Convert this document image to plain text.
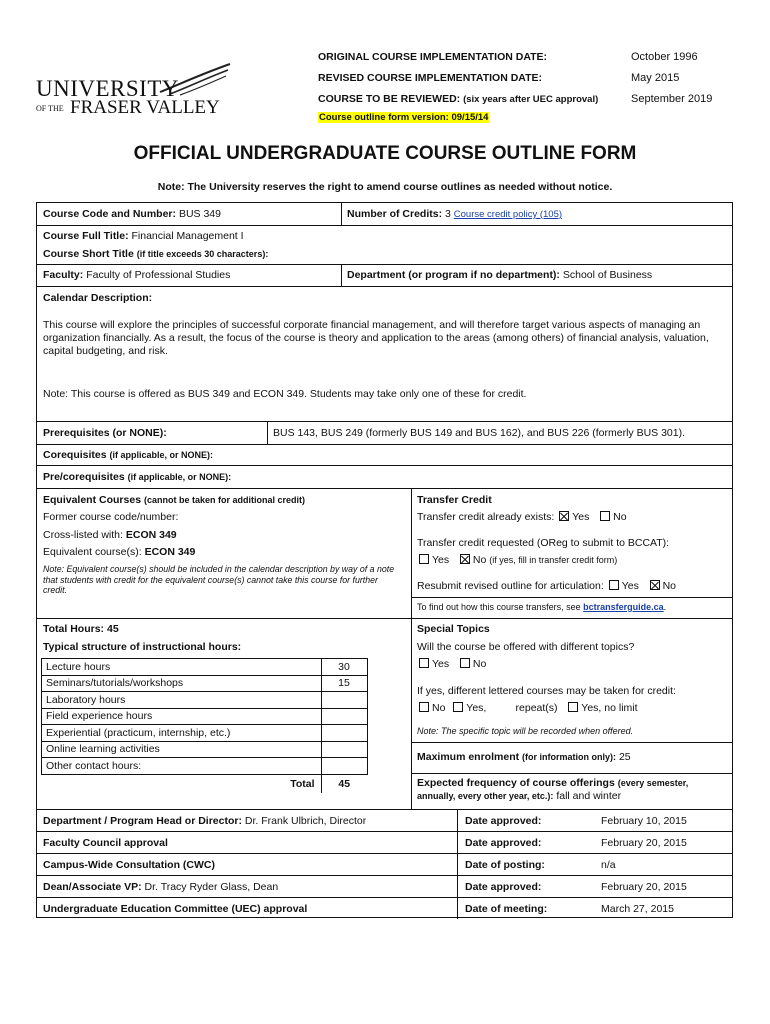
UNIVERSITY
OF THE FRASER VALLEY
ORIGINAL COURSE IMPLEMENTATION DATE:	October 1996
REVISED COURSE IMPLEMENTATION DATE:	May 2015
COURSE TO BE REVIEWED: (six years after UEC approval)	September 2019
Course outline form version: 09/15/14
OFFICIAL UNDERGRADUATE COURSE OUTLINE FORM
Note: The University reserves the right to amend course outlines as needed without notice.
Course Code and Number: BUS 349	Number of Credits: 3 Course credit policy (105)
Course Full Title: Financial Management I
Course Short Title (if title exceeds 30 characters):
Faculty: Faculty of Professional Studies	Department (or program if no department): School of Business
Calendar Description:
This course will explore the principles of successful corporate financial management, and will therefore target various aspects of managing an organization financially. As a result, the focus of the course is theory and application to the areas (among others) of financial analysis, valuation, capital budgeting, and risk.
Note: This course is offered as BUS 349 and ECON 349. Students may take only one of these for credit.
Prerequisites (or NONE):	BUS 143, BUS 249 (formerly BUS 149 and BUS 162), and BUS 226 (formerly BUS 301).
Corequisites (if applicable, or NONE):
Pre/corequisites (if applicable, or NONE):
Equivalent Courses (cannot be taken for additional credit)
Former course code/number:
Cross-listed with: ECON 349
Equivalent course(s): ECON 349
Note: Equivalent course(s) should be included in the calendar description by way of a note that students with credit for the equivalent course(s) cannot take this course for further credit.
Transfer Credit
Transfer credit already exists: Yes No
Transfer credit requested (OReg to submit to BCCAT):
Yes No (if yes, fill in transfer credit form)
Resubmit revised outline for articulation: Yes No
To find out how this course transfers, see bctransferguide.ca.
Total Hours: 45
Typical structure of instructional hours:
Lecture hours	30
Seminars/tutorials/workshops	15
Laboratory hours	
Field experience hours	
Experiential (practicum, internship, etc.)	
Online learning activities	
Other contact hours:	
Total	45
Special Topics
Will the course be offered with different topics?
Yes No
If yes, different lettered courses may be taken for credit:
No Yes,	repeat(s) Yes, no limit
Note: The specific topic will be recorded when offered.
Maximum enrolment (for information only): 25
Expected frequency of course offerings (every semester, annually, every other year, etc.): fall and winter
Department / Program Head or Director: Dr. Frank Ulbrich, Director	Date approved:	February 10, 2015
Faculty Council approval	Date approved:	February 20, 2015
Campus-Wide Consultation (CWC)	Date of posting:	n/a
Dean/Associate VP: Dr. Tracy Ryder Glass, Dean	Date approved:	February 20, 2015
Undergraduate Education Committee (UEC) approval	Date of meeting:	March 27, 2015
